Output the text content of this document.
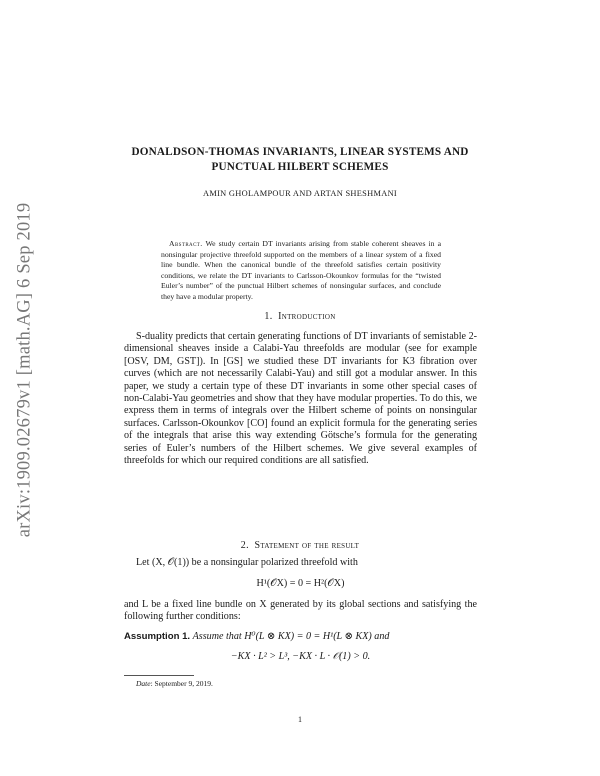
arXiv:1909.02679v1 [math.AG] 6 Sep 2019
DONALDSON-THOMAS INVARIANTS, LINEAR SYSTEMS AND
PUNCTUAL HILBERT SCHEMES
AMIN GHOLAMPOUR AND ARTAN SHESHMANI
Abstract. We study certain DT invariants arising from stable coherent sheaves in a nonsingular projective threefold supported on the members of a linear system of a fixed line bundle. When the canonical bundle of the threefold satisfies certain positivity conditions, we relate the DT invariants to Carlsson-Okounkov formulas for the “twisted Euler’s number” of the punctual Hilbert schemes of nonsingular surfaces, and conclude they have a modular property.
1. Introduction
S-duality predicts that certain generating functions of DT invariants of semistable 2-dimensional sheaves inside a Calabi-Yau threefolds are modular (see for example [OSV, DM, GST]). In [GS] we studied these DT invariants for K3 fibration over curves (which are not necessarily Calabi-Yau) and still got a modular answer. In this paper, we study a certain type of these DT invariants in some other special cases of non-Calabi-Yau geometries and show that they have modular properties. To do this, we express them in terms of integrals over the Hilbert scheme of points on nonsingular surfaces. Carlsson-Okounkov [CO] found an explicit formula for the generating series of the integrals that arise this way extending Götsche’s formula for the generating series of Euler’s numbers of the Hilbert schemes. We give several examples of threefolds for which our required conditions are all satisfied.
2. Statement of the result
Let (X, 𝒪(1)) be a nonsingular polarized threefold with
H¹(𝒪X) = 0 = H²(𝒪X)
and L be a fixed line bundle on X generated by its global sections and satisfying the following further conditions:
Assumption 1. Assume that H⁰(L ⊗ KX) = 0 = H¹(L ⊗ KX) and
−KX · L² > L³, −KX · L · 𝒪(1) > 0.
Date: September 9, 2019.
1
